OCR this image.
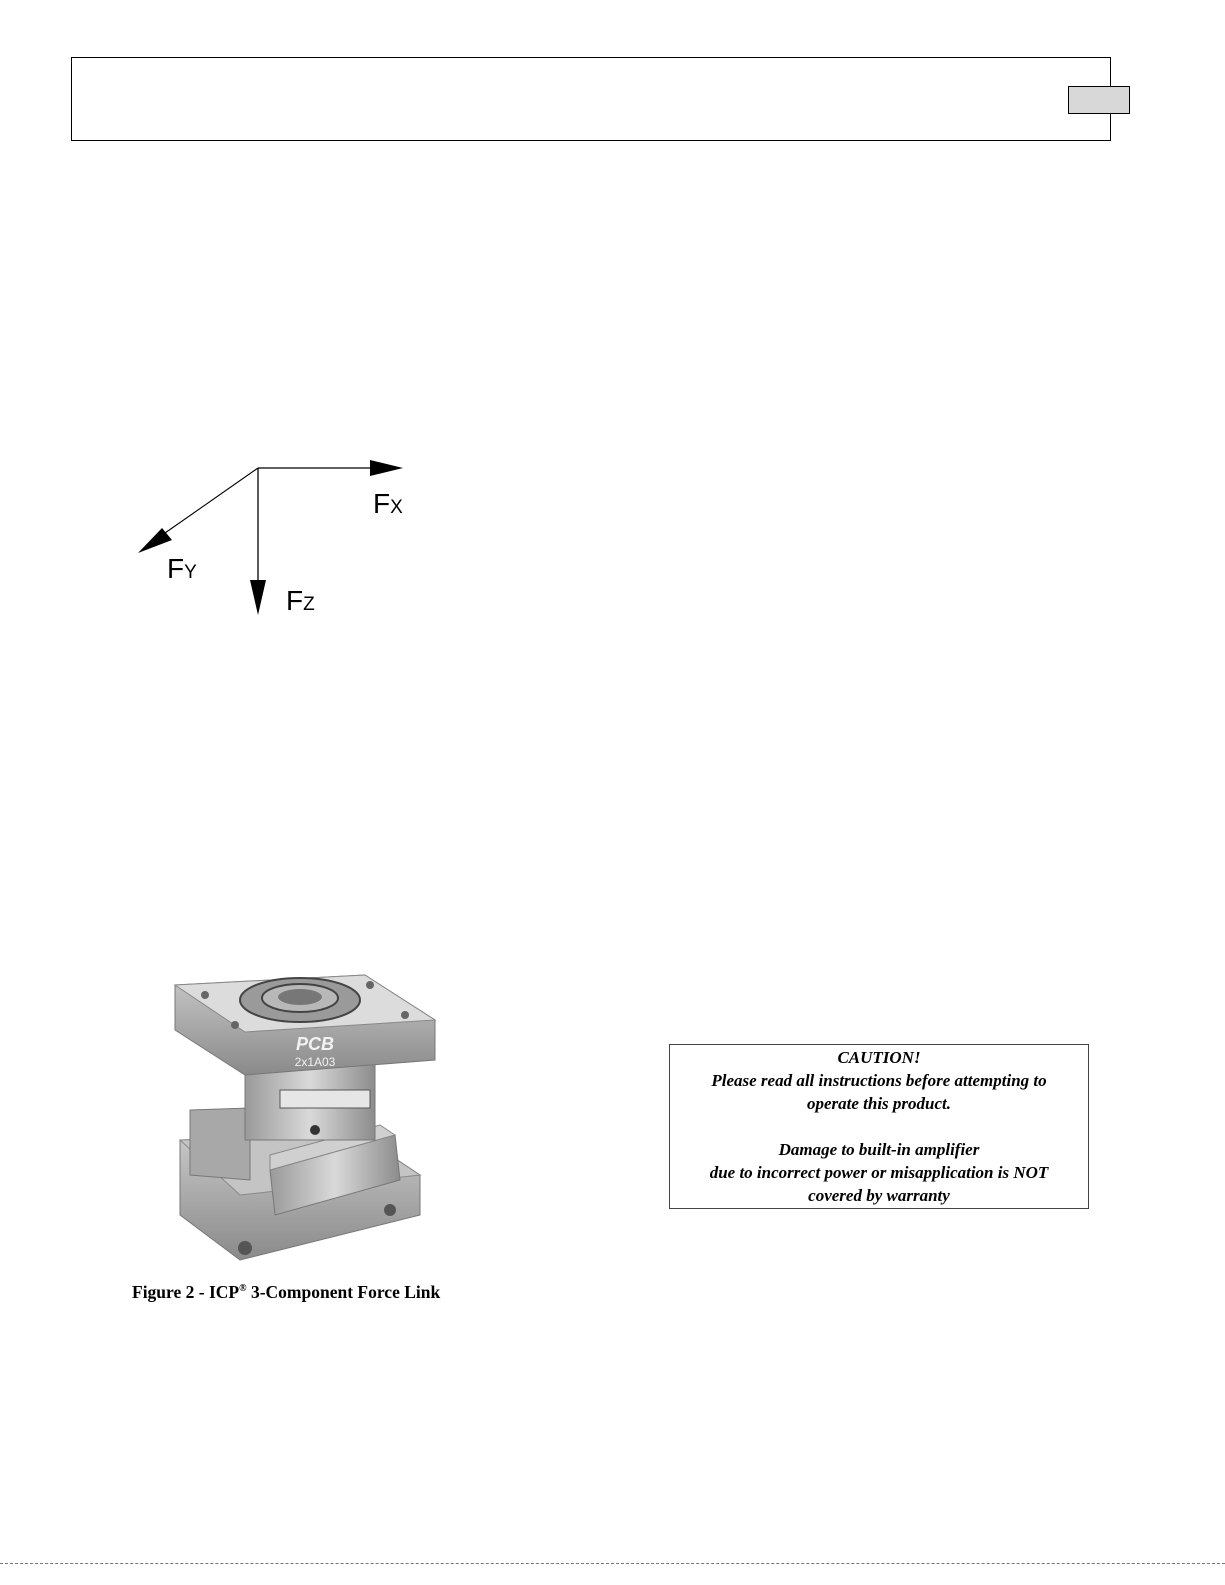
FX
FY
FZ
PCB
2x1A03
Figure 2 - ICP® 3-Component Force Link
CAUTION!
Please read all instructions before attempting to
operate this product.
Damage to built-in amplifier
due to incorrect power or misapplication is NOT
covered by warranty
